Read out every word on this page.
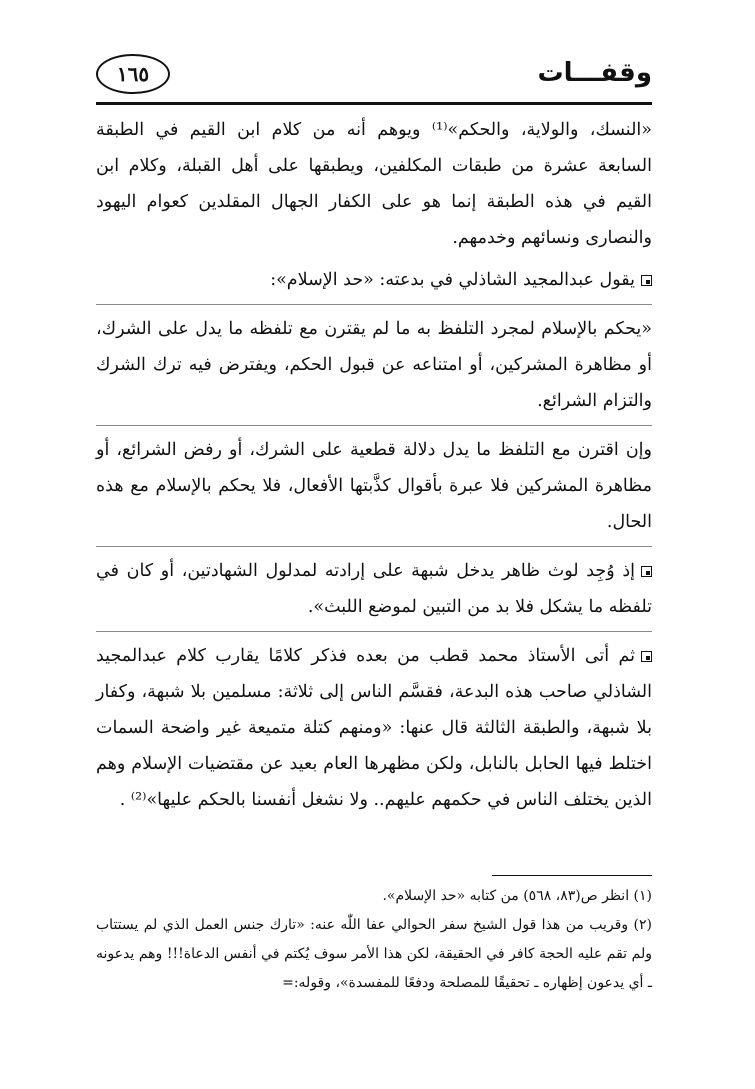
وقفـــات
١٦٥

«النسك، والولاية، والحكم»⁽¹⁾ ويوهم أنه من كلام ابن القيم في الطبقة السابعة عشرة من طبقات المكلفين، ويطبقها على أهل القبلة، وكلام ابن القيم في هذه الطبقة إنما هو على الكفار الجهال المقلدين كعوام اليهود والنصارى ونسائهم وخدمهم.

يقول عبدالمجيد الشاذلي في بدعته: «حد الإسلام»:

«يحكم بالإسلام لمجرد التلفظ به ما لم يقترن مع تلفظه ما يدل على الشرك، أو مظاهرة المشركين، أو امتناعه عن قبول الحكم، ويفترض فيه ترك الشرك والتزام الشرائع.

وإن اقترن مع التلفظ ما يدل دلالة قطعية على الشرك، أو رفض الشرائع، أو مظاهرة المشركين فلا عبرة بأقوال كذَّبتها الأفعال، فلا يحكم بالإسلام مع هذه الحال.

إذ وُجِد لوث ظاهر يدخل شبهة على إرادته لمدلول الشهادتين، أو كان في تلفظه ما يشكل فلا بد من التبين لموضع اللبث».

ثم أتى الأستاذ محمد قطب من بعده فذكر كلامًا يقارب كلام عبدالمجيد الشاذلي صاحب هذه البدعة، فقسَّم الناس إلى ثلاثة: مسلمين بلا شبهة، وكفار بلا شبهة، والطبقة الثالثة قال عنها: «ومنهم كتلة متميعة غير واضحة السمات اختلط فيها الحابل بالنابل، ولكن مظهرها العام بعيد عن مقتضيات الإسلام وهم الذين يختلف الناس في حكمهم عليهم.. ولا نشغل أنفسنا بالحكم عليها»⁽²⁾ .

(١) انظر ص(٨٣، ٥٦٨) من كتابه «حد الإسلام».

(٢) وقريب من هذا قول الشيخ سفر الحوالي عفا اللّٰه عنه: «تارك جنس العمل الذي لم يستتاب ولم تقم عليه الحجة كافر في الحقيقة، لكن هذا الأمر سوف يُكتم في أنفس الدعاة!!! وهم يدعونه ـ أي يدعون إظهاره ـ تحقيقًا للمصلحة ودفعًا للمفسدة»، وقوله:=
